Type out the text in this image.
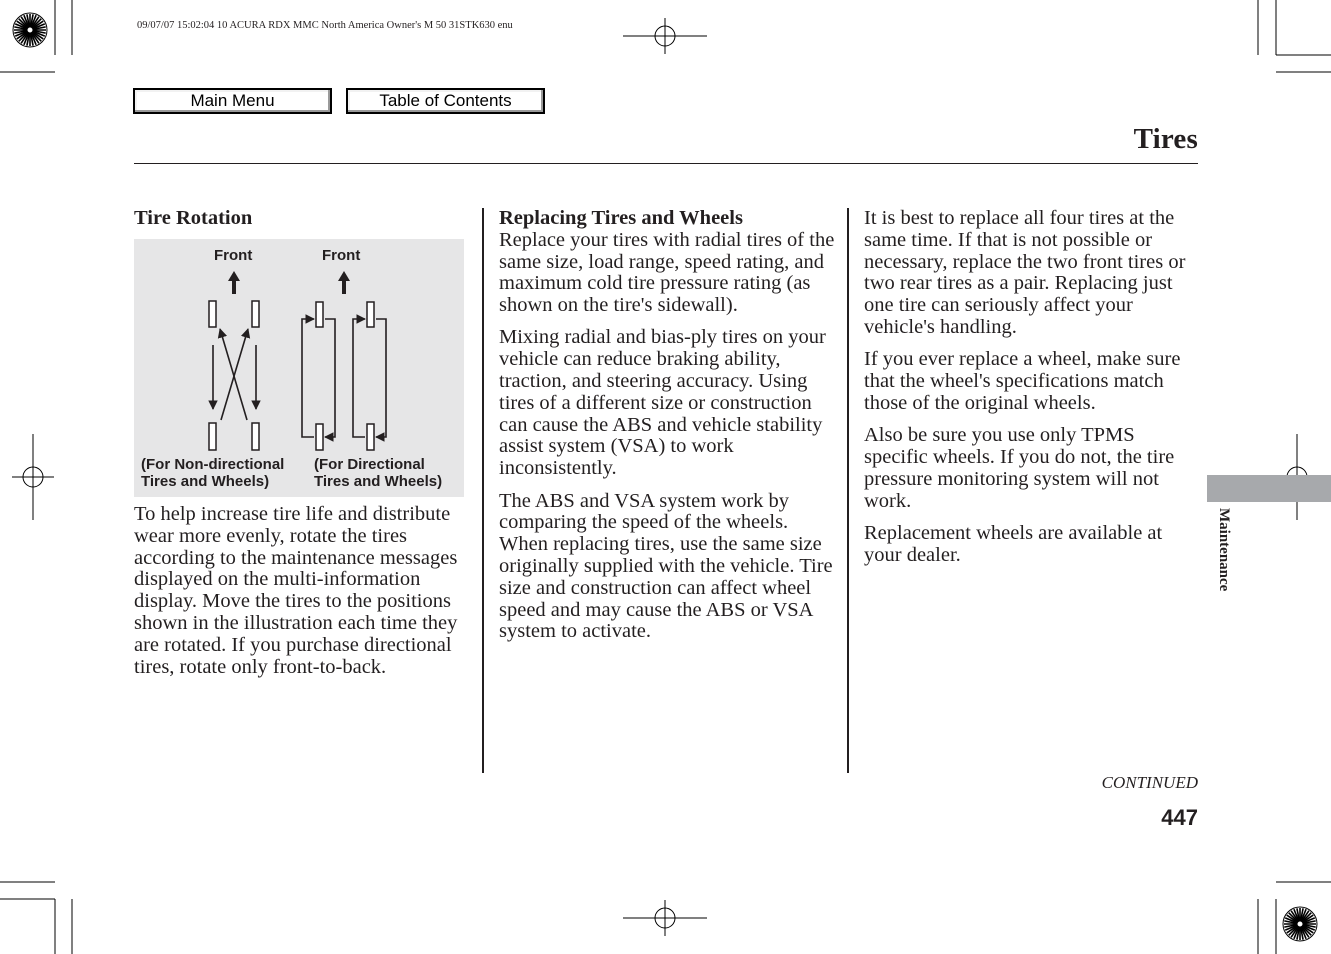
09/07/07 15:02:04 10 ACURA RDX MMC North America Owner's M 50 31STK630 enu
Main Menu	Table of Contents
Tires
Tire Rotation
Front	Front
(For Non-directional
Tires and Wheels)
(For Directional
Tires and Wheels)

To help increase tire life and distribute wear more evenly, rotate the tires according to the maintenance messages displayed on the multi-information display. Move the tires to the positions shown in the illustration each time they are rotated. If you purchase directional tires, rotate only front-to-back.

Replacing Tires and Wheels

Replace your tires with radial tires of the same size, load range, speed rating, and maximum cold tire pressure rating (as shown on the tire's sidewall).

Mixing radial and bias-ply tires on your vehicle can reduce braking ability, traction, and steering accuracy. Using tires of a different size or construction can cause the ABS and vehicle stability assist system (VSA) to work inconsistently.

The ABS and VSA system work by comparing the speed of the wheels. When replacing tires, use the same size originally supplied with the vehicle. Tire size and construction can affect wheel speed and may cause the ABS or VSA system to activate.

It is best to replace all four tires at the same time. If that is not possible or necessary, replace the two front tires or two rear tires as a pair. Replacing just one tire can seriously affect your vehicle's handling.

If you ever replace a wheel, make sure that the wheel's specifications match those of the original wheels.

Also be sure you use only TPMS specific wheels. If you do not, the tire pressure monitoring system will not work.

Replacement wheels are available at your dealer.	Maintenance
CONTINUED
447
